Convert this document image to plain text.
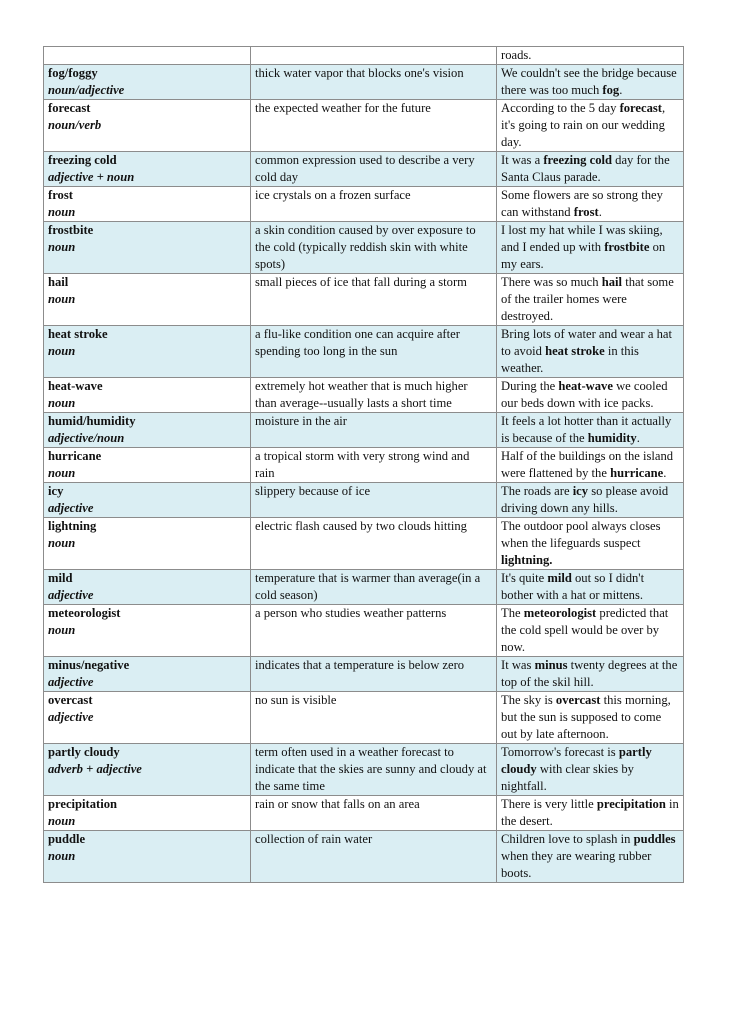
		roads.

fog/foggy
noun/adjective	thick water vapor that blocks one's vision	We couldn't see the bridge because there was too much fog.

forecast
noun/verb	the expected weather for the future	According to the 5 day forecast, it's going to rain on our wedding day.

freezing cold
adjective + noun	common expression used to describe a very cold day	It was a freezing cold day for the Santa Claus parade.

frost
noun	ice crystals on a frozen surface	Some flowers are so strong they can withstand frost.

frostbite
noun	a skin condition caused by over exposure to the cold (typically reddish skin with white spots)	I lost my hat while I was skiing, and I ended up with frostbite on my ears.

hail
noun	small pieces of ice that fall during a storm	There was so much hail that some of the trailer homes were destroyed.

heat stroke
noun	a flu-like condition one can acquire after spending too long in the sun	Bring lots of water and wear a hat to avoid heat stroke in this weather.

heat-wave
noun	extremely hot weather that is much higher than average--usually lasts a short time	During the heat-wave we cooled our beds down with ice packs.

humid/humidity
adjective/noun	moisture in the air	It feels a lot hotter than it actually is because of the humidity.

hurricane
noun	a tropical storm with very strong wind and rain	Half of the buildings on the island were flattened by the hurricane.

icy
adjective	slippery because of ice	The roads are icy so please avoid driving down any hills.

lightning
noun	electric flash caused by two clouds hitting	The outdoor pool always closes when the lifeguards suspect lightning.

mild
adjective	temperature that is warmer than average(in a cold season)	It's quite mild out so I didn't bother with a hat or mittens.

meteorologist
noun	a person who studies weather patterns	The meteorologist predicted that the cold spell would be over by now.

minus/negative
adjective	indicates that a temperature is below zero	It was minus twenty degrees at the top of the skil hill.

overcast
adjective	no sun is visible	The sky is overcast this morning, but the sun is supposed to come out by late afternoon.

partly cloudy
adverb + adjective	term often used in a weather forecast to indicate that the skies are sunny and cloudy at the same time	Tomorrow's forecast is partly cloudy with clear skies by nightfall.

precipitation
noun	rain or snow that falls on an area	There is very little precipitation in the desert.

puddle
noun	collection of rain water	Children love to splash in puddles when they are wearing rubber boots.
